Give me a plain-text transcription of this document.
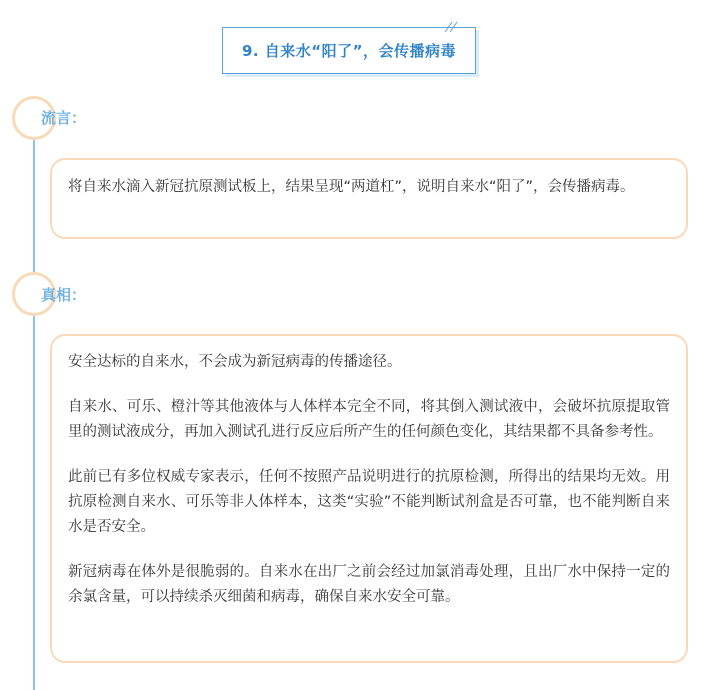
9. 自来水“阳了”，会传播病毒
流言：

将自来水滴入新冠抗原测试板上，结果呈现“两道杠”，说明自来水“阳了”，会传播病毒。

真相：

安全达标的自来水，不会成为新冠病毒的传播途径。

自来水、可乐、橙汁等其他液体与人体样本完全不同，将其倒入测试液中，会破坏抗原提取管里的测试液成分，再加入测试孔进行反应后所产生的任何颜色变化，其结果都不具备参考性。

此前已有多位权威专家表示，任何不按照产品说明进行的抗原检测，所得出的结果均无效。用抗原检测自来水、可乐等非人体样本，这类“实验”不能判断试剂盒是否可靠，也不能判断自来水是否安全。

新冠病毒在体外是很脆弱的。自来水在出厂之前会经过加氯消毒处理，且出厂水中保持一定的余氯含量，可以持续杀灭细菌和病毒，确保自来水安全可靠。
